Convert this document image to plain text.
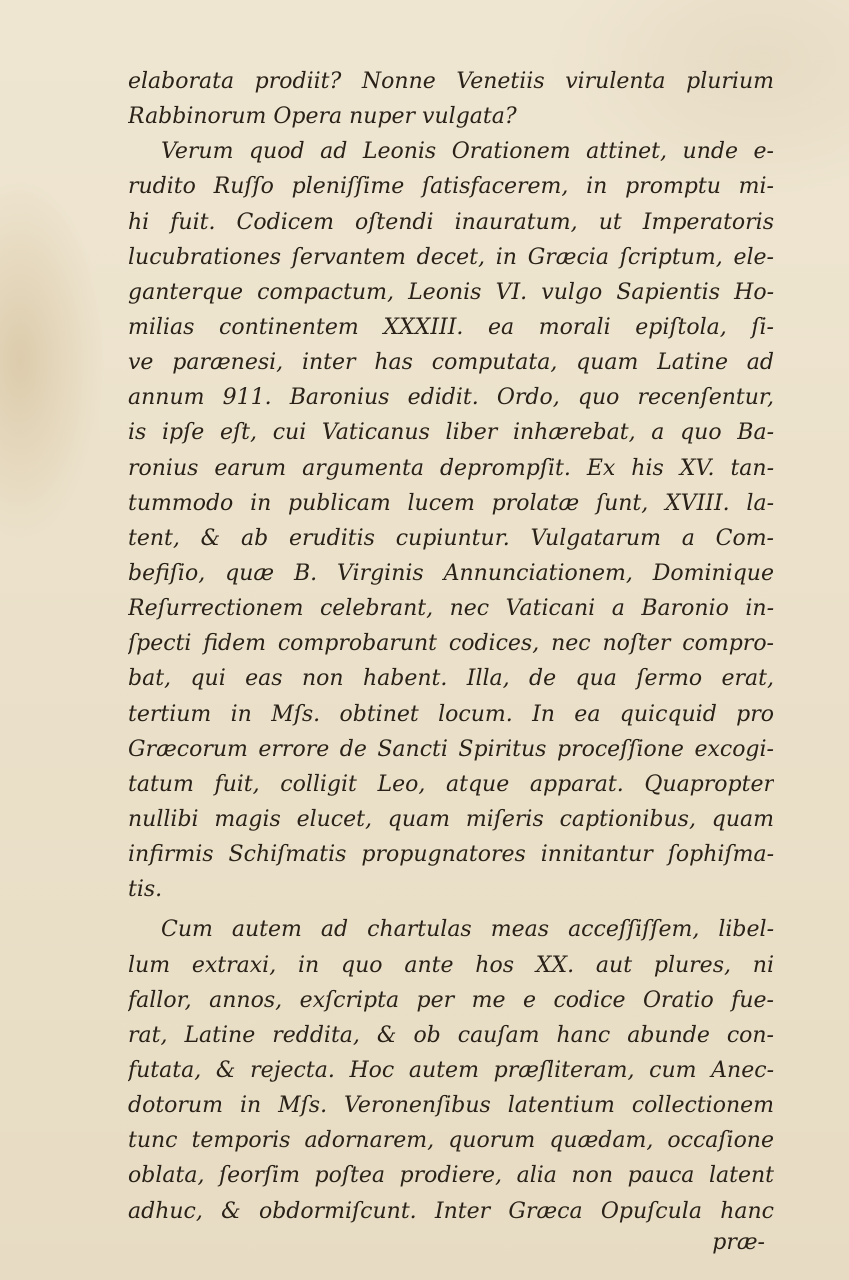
elaborata prodiit? Nonne Venetiis virulenta plurium
Rabbinorum Opera nuper vulgata?
Verum quod ad Leonis Orationem attinet, unde e-
rudito Ruſſo pleniſſime ſatisfacerem, in promptu mi-
hi fuit. Codicem oſtendi inauratum, ut Imperatoris
lucubrationes ſervantem decet, in Græcia ſcriptum, ele-
ganterque compactum, Leonis VI. vulgo Sapientis Ho-
milias continentem XXXIII. ea morali epiſtola, ſi-
ve parænesi, inter has computata, quam Latine ad
annum 911. Baronius edidit. Ordo, quo recenſentur,
is ipſe eſt, cui Vaticanus liber inhærebat, a quo Ba-
ronius earum argumenta deprompſit. Ex his XV. tan-
tummodo in publicam lucem prolatæ ſunt, XVIII. la-
tent, & ab eruditis cupiuntur. Vulgatarum a Com-
befiſio, quæ B. Virginis Annunciationem, Dominique
Reſurrectionem celebrant, nec Vaticani a Baronio in-
ſpecti fidem comprobarunt codices, nec noſter compro-
bat, qui eas non habent. Illa, de qua ſermo erat,
tertium in Mſs. obtinet locum. In ea quicquid pro
Græcorum errore de Sancti Spiritus proceſſione excogi-
tatum fuit, colligit Leo, atque apparat. Quapropter
nullibi magis elucet, quam miſeris captionibus, quam
infirmis Schiſmatis propugnatores innitantur ſophiſma-
tis.
Cum autem ad chartulas meas acceſſiſſem, libel-
lum extraxi, in quo ante hos XX. aut plures, ni
fallor, annos, exſcripta per me e codice Oratio fue-
rat, Latine reddita, & ob cauſam hanc abunde con-
futata, & rejecta. Hoc autem præſliteram, cum Anec-
dotorum in Mſs. Veronenſibus latentium collectionem
tunc temporis adornarem, quorum quædam, occaſione
oblata, ſeorſim poſtea prodiere, alia non pauca latent
adhuc, & obdormiſcunt. Inter Græca Opuſcula hanc
præ-
